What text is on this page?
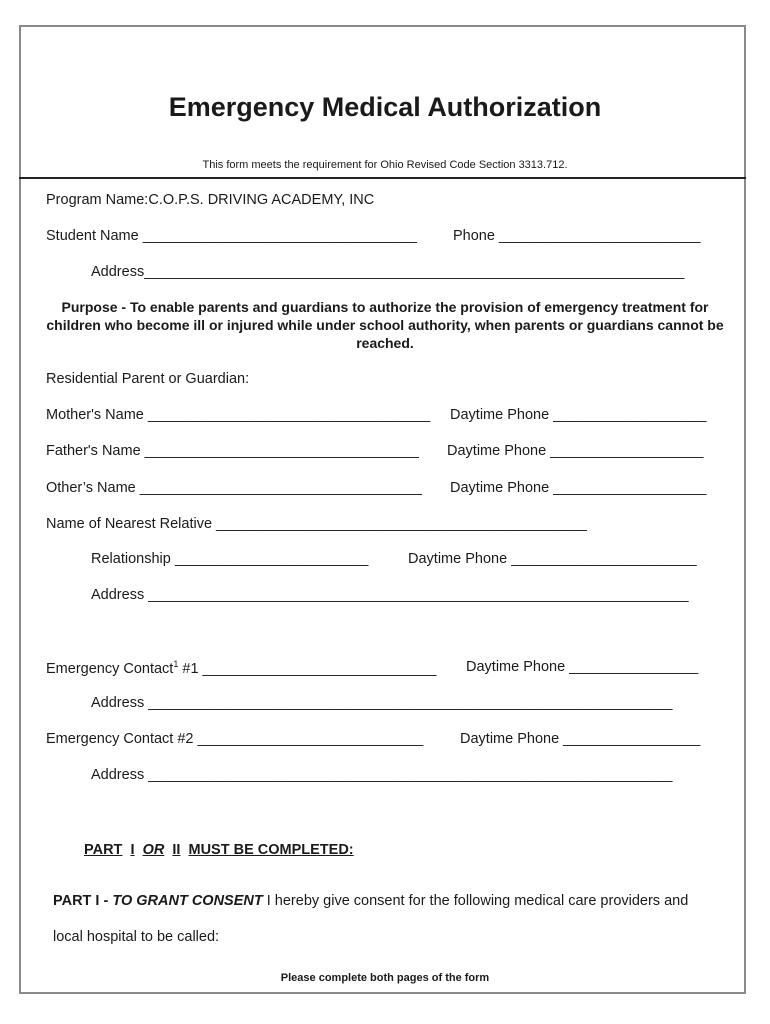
Emergency Medical Authorization
This form meets the requirement for Ohio Revised Code Section 3313.712.
Program Name:C.O.P.S. DRIVING ACADEMY, INC
Student Name __________________________________ Phone _________________________
Address___________________________________________________________________
Purpose - To enable parents and guardians to authorize the provision of emergency treatment for children who become ill or injured while under school authority, when parents or guardians cannot be reached.
Residential Parent or Guardian:
Mother's Name ___________________________________ Daytime Phone ___________________
Father's Name __________________________________ Daytime Phone ___________________
Other’s Name ___________________________________ Daytime Phone ___________________
Name of Nearest Relative ______________________________________________
Relationship ________________________	Daytime Phone _______________________
Address ___________________________________________________________________
Emergency Contact$^1$ #1 _____________________________ Daytime Phone ________________
Address _________________________________________________________________
Emergency Contact #2 ____________________________	Daytime Phone _________________
Address _________________________________________________________________
PART I OR II MUST BE COMPLETED:
PART I - TO GRANT CONSENT I hereby give consent for the following medical care providers and
local hospital to be called:
Please complete both pages of the form
